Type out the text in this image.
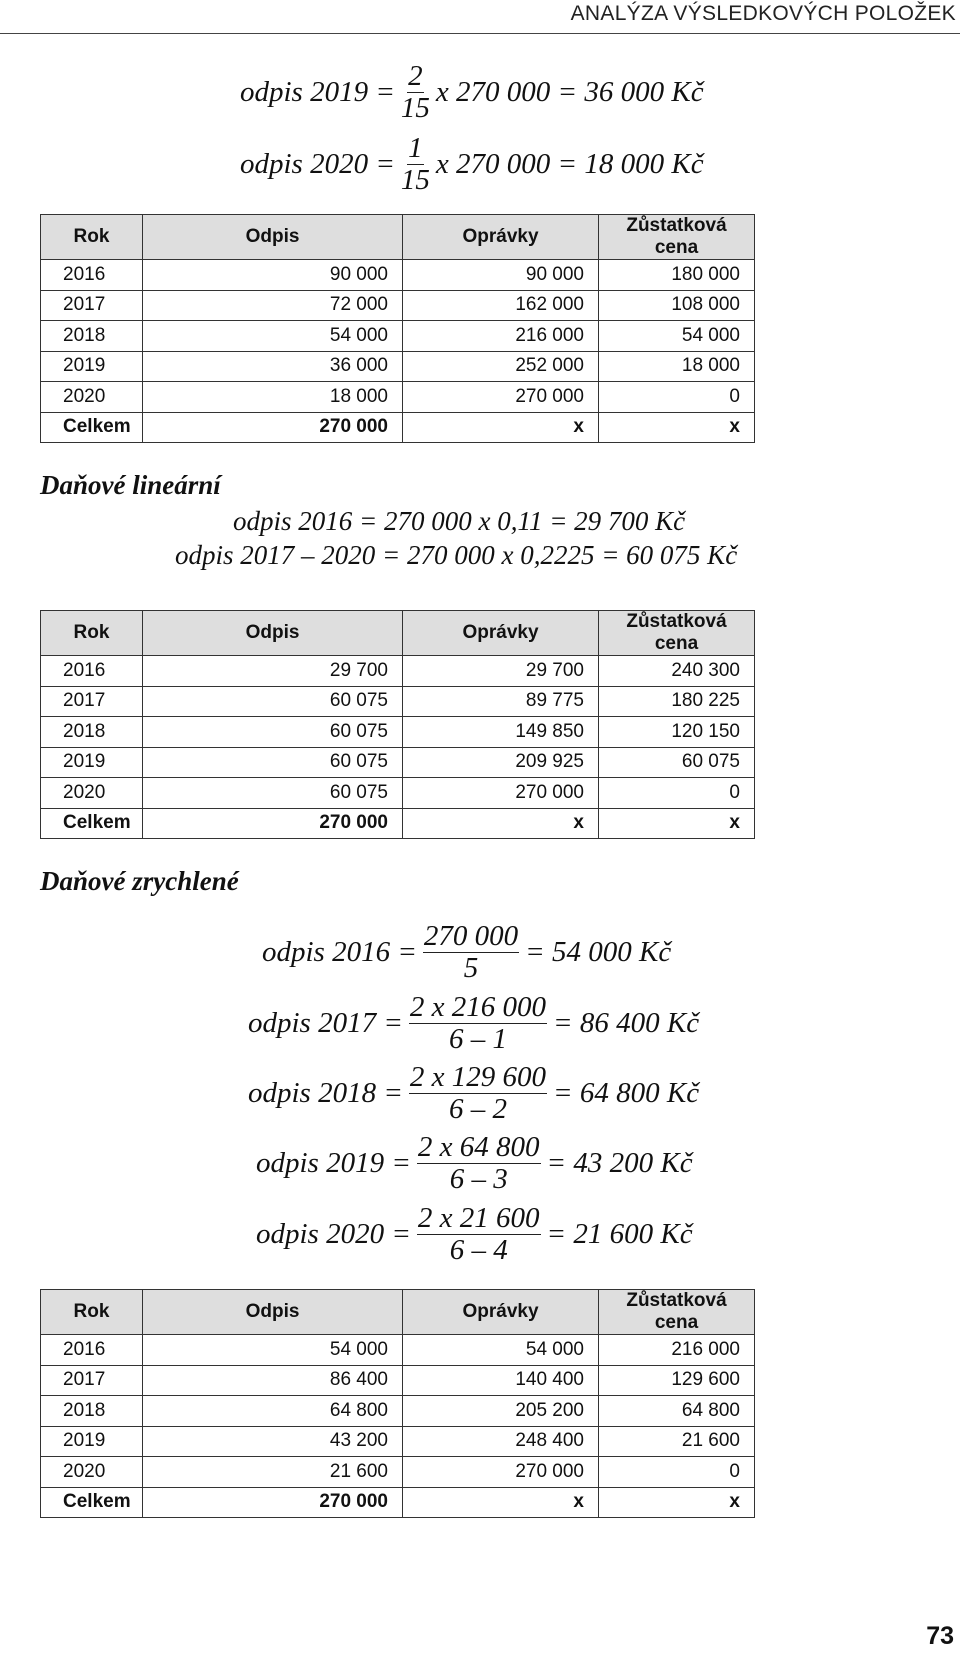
ANALÝZA VÝSLEDKOVÝCH POLOŽEK
odpis $2019 = \frac{2}{15}$ x 270 000 = 36 000 Kč
odpis $2020 = \frac{1}{15}$ x 270 000 = 18 000 Kč
Rok	Odpis	Oprávky	Zůstatková cena
2016	90 000	90 000	180 000
2017	72 000	162 000	108 000
2018	54 000	216 000	54 000
2019	36 000	252 000	18 000
2020	18 000	270 000	0
Celkem	270 000	x	x
Daňové lineární
odpis 2016 = 270 000 x 0,11 = 29 700 Kč
odpis 2017 – 2020 = 270 000 x 0,2225 = 60 075 Kč
Rok	Odpis	Oprávky	Zůstatková cena
2016	29 700	29 700	240 300
2017	60 075	89 775	180 225
2018	60 075	149 850	120 150
2019	60 075	209 925	60 075
2020	60 075	270 000	0
Celkem	270 000	x	x
Daňové zrychlené
odpis $2016 = \frac{270 000}{5} = 54$ 000 Kč
odpis $2017 = \frac{2 x 216 000}{6 - 1} = 86$ 400 Kč
odpis $2018 = \frac{2 x 129 600}{6 - 2} = 64$ 800 Kč
odpis $2019 = \frac{2 x 64 800}{6 - 3} = 43$ 200 Kč
odpis $2020 = \frac{2 x 21 600}{6 - 4} = 21$ 600 Kč
Rok	Odpis	Oprávky	Zůstatková cena
2016	54 000	54 000	216 000
2017	86 400	140 400	129 600
2018	64 800	205 200	64 800
2019	43 200	248 400	21 600
2020	21 600	270 000	0
Celkem	270 000	x	x
73
